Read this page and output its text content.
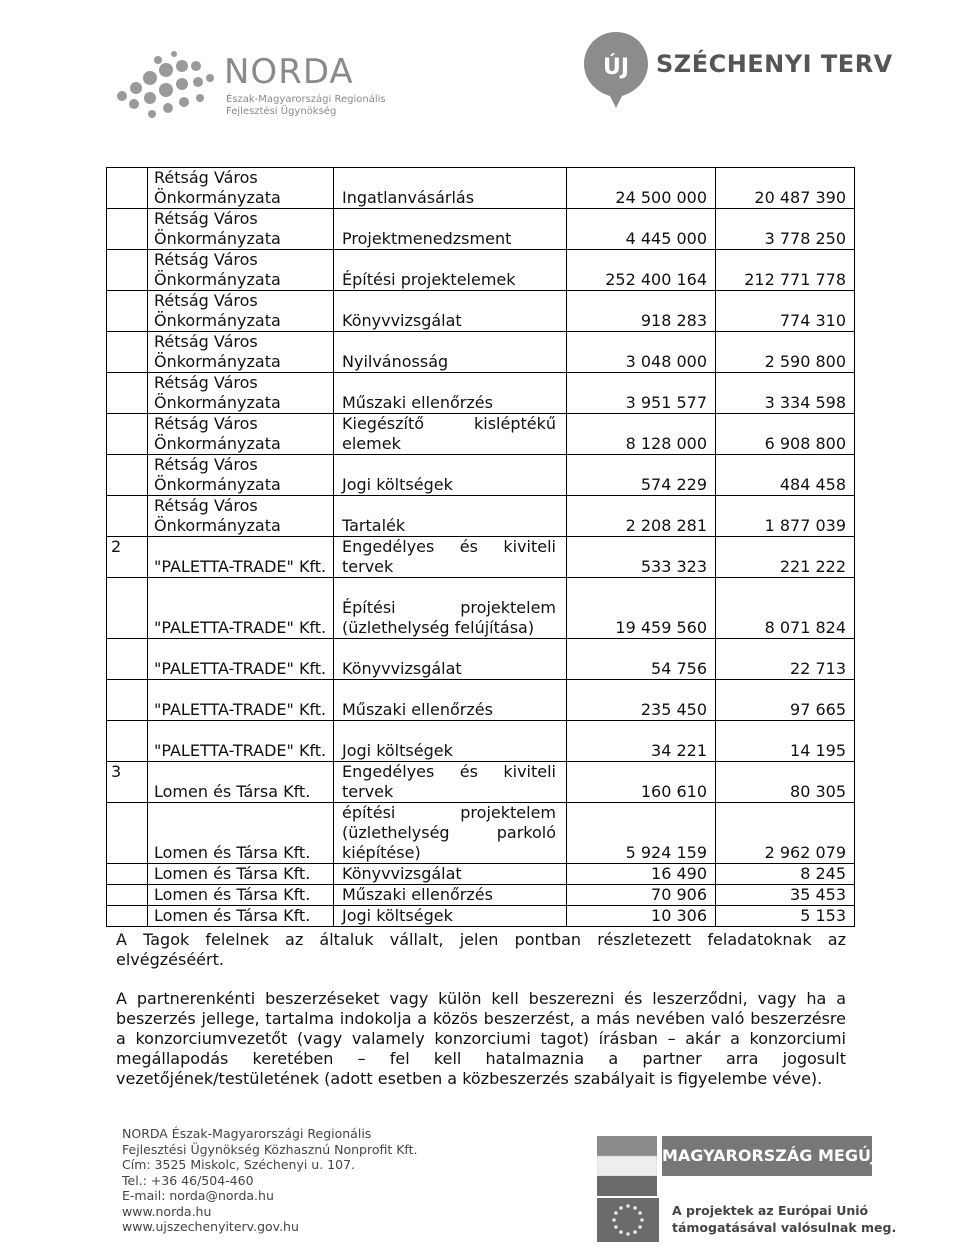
NORDA
Észak-Magyarországi Regionális
Fejlesztési Ügynökség
ÚJ SZÉCHENYI TERV

	Rétság Város Önkormányzata	Ingatlanvásárlás	24 500 000	20 487 390

	Rétság Város Önkormányzata	Projektmenedzsment	4 445 000	3 778 250

	Rétság Város Önkormányzata	Építési projektelemek	252 400 164	212 771 778

	Rétság Város Önkormányzata	Könyvvizsgálat	918 283	774 310

	Rétság Város Önkormányzata	Nyilvánosság	3 048 000	2 590 800

	Rétság Város Önkormányzata	Műszaki ellenőrzés	3 951 577	3 334 598

	Rétság Város Önkormányzata	Kiegészítő kisléptékű elemek	8 128 000	6 908 800

	Rétság Város Önkormányzata	Jogi költségek	574 229	484 458

	Rétság Város Önkormányzata	Tartalék	2 208 281	1 877 039
2	"PALETTA-TRADE" Kft.	Engedélyes és kiviteli tervek	533 323	221 222

	"PALETTA-TRADE" Kft.	Építési projektelem (üzlethelység felújítása)	19 459 560	8 071 824

	"PALETTA-TRADE" Kft.	Könyvvizsgálat	54 756	22 713

	"PALETTA-TRADE" Kft.	Műszaki ellenőrzés	235 450	97 665

	"PALETTA-TRADE" Kft.	Jogi költségek	34 221	14 195
3	Lomen és Társa Kft.	Engedélyes és kiviteli tervek	160 610	80 305

	Lomen és Társa Kft.	építési projektelem (üzlethelység parkoló kiépítése)	5 924 159	2 962 079

	Lomen és Társa Kft.	Könyvvizsgálat	16 490	8 245

	Lomen és Társa Kft.	Műszaki ellenőrzés	70 906	35 453

	Lomen és Társa Kft.	Jogi költségek	10 306	5 153
A Tagok felelnek az általuk vállalt, jelen pontban részletezett feladatoknak az elvégzéséért.
A partnerenkénti beszerzéseket vagy külön kell beszerezni és leszerződni, vagy ha a beszerzés jellege, tartalma indokolja a közös beszerzést, a más nevében való beszerzésre a konzorciumvezetőt (vagy valamely konzorciumi tagot) írásban – akár a konzorciumi megállapodás keretében – fel kell hatalmaznia a partner arra jogosult vezetőjének/testületének (adott esetben a közbeszerzés szabályait is figyelembe véve).
NORDA Észak-Magyarországi Regionális
Fejlesztési Ügynökség Közhasznú Nonprofit Kft.
Cím: 3525 Miskolc, Széchenyi u. 107.
Tel.: +36 46/504-460
E-mail: norda@norda.hu
www.norda.hu
www.ujszechenyiterv.gov.hu
MAGYARORSZÁG MEGÚJUL
A projektek az Európai Unió
támogatásával valósulnak meg.
